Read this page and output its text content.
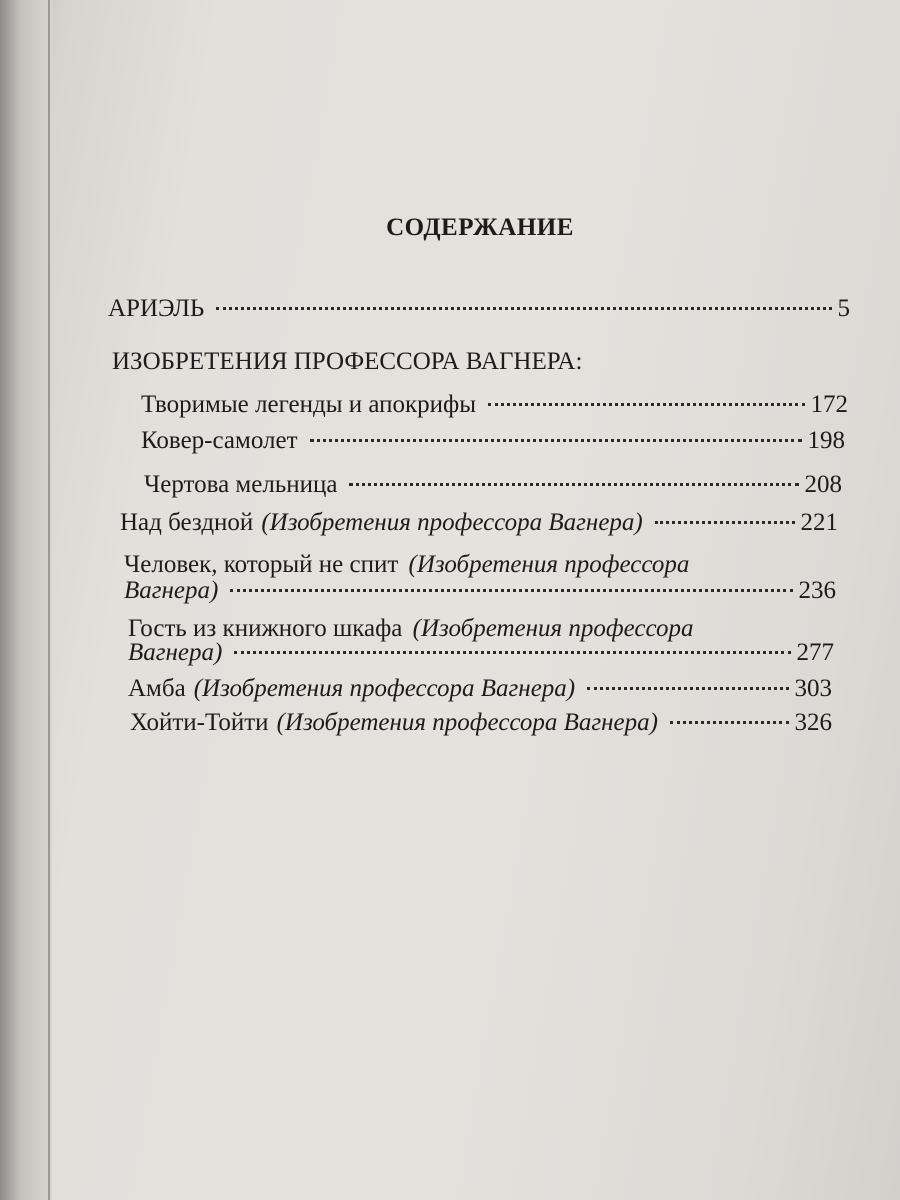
СОДЕРЖАНИЕ
АРИЭЛЬ	5
ИЗОБРЕТЕНИЯ ПРОФЕССОРА ВАГНЕРА:
Творимые легенды и апокрифы	172
Ковер-самолет	198
Чертова мельница	208
Над бездной (Изобретения профессора Вагнера)	221
Человек, который не спит (Изобретения профессора
Вагнера)	236
Гость из книжного шкафа (Изобретения профессора
Вагнера)	277
Амба (Изобретения профессора Вагнера)	303
Хойти-Тойти (Изобретения профессора Вагнера)	326
